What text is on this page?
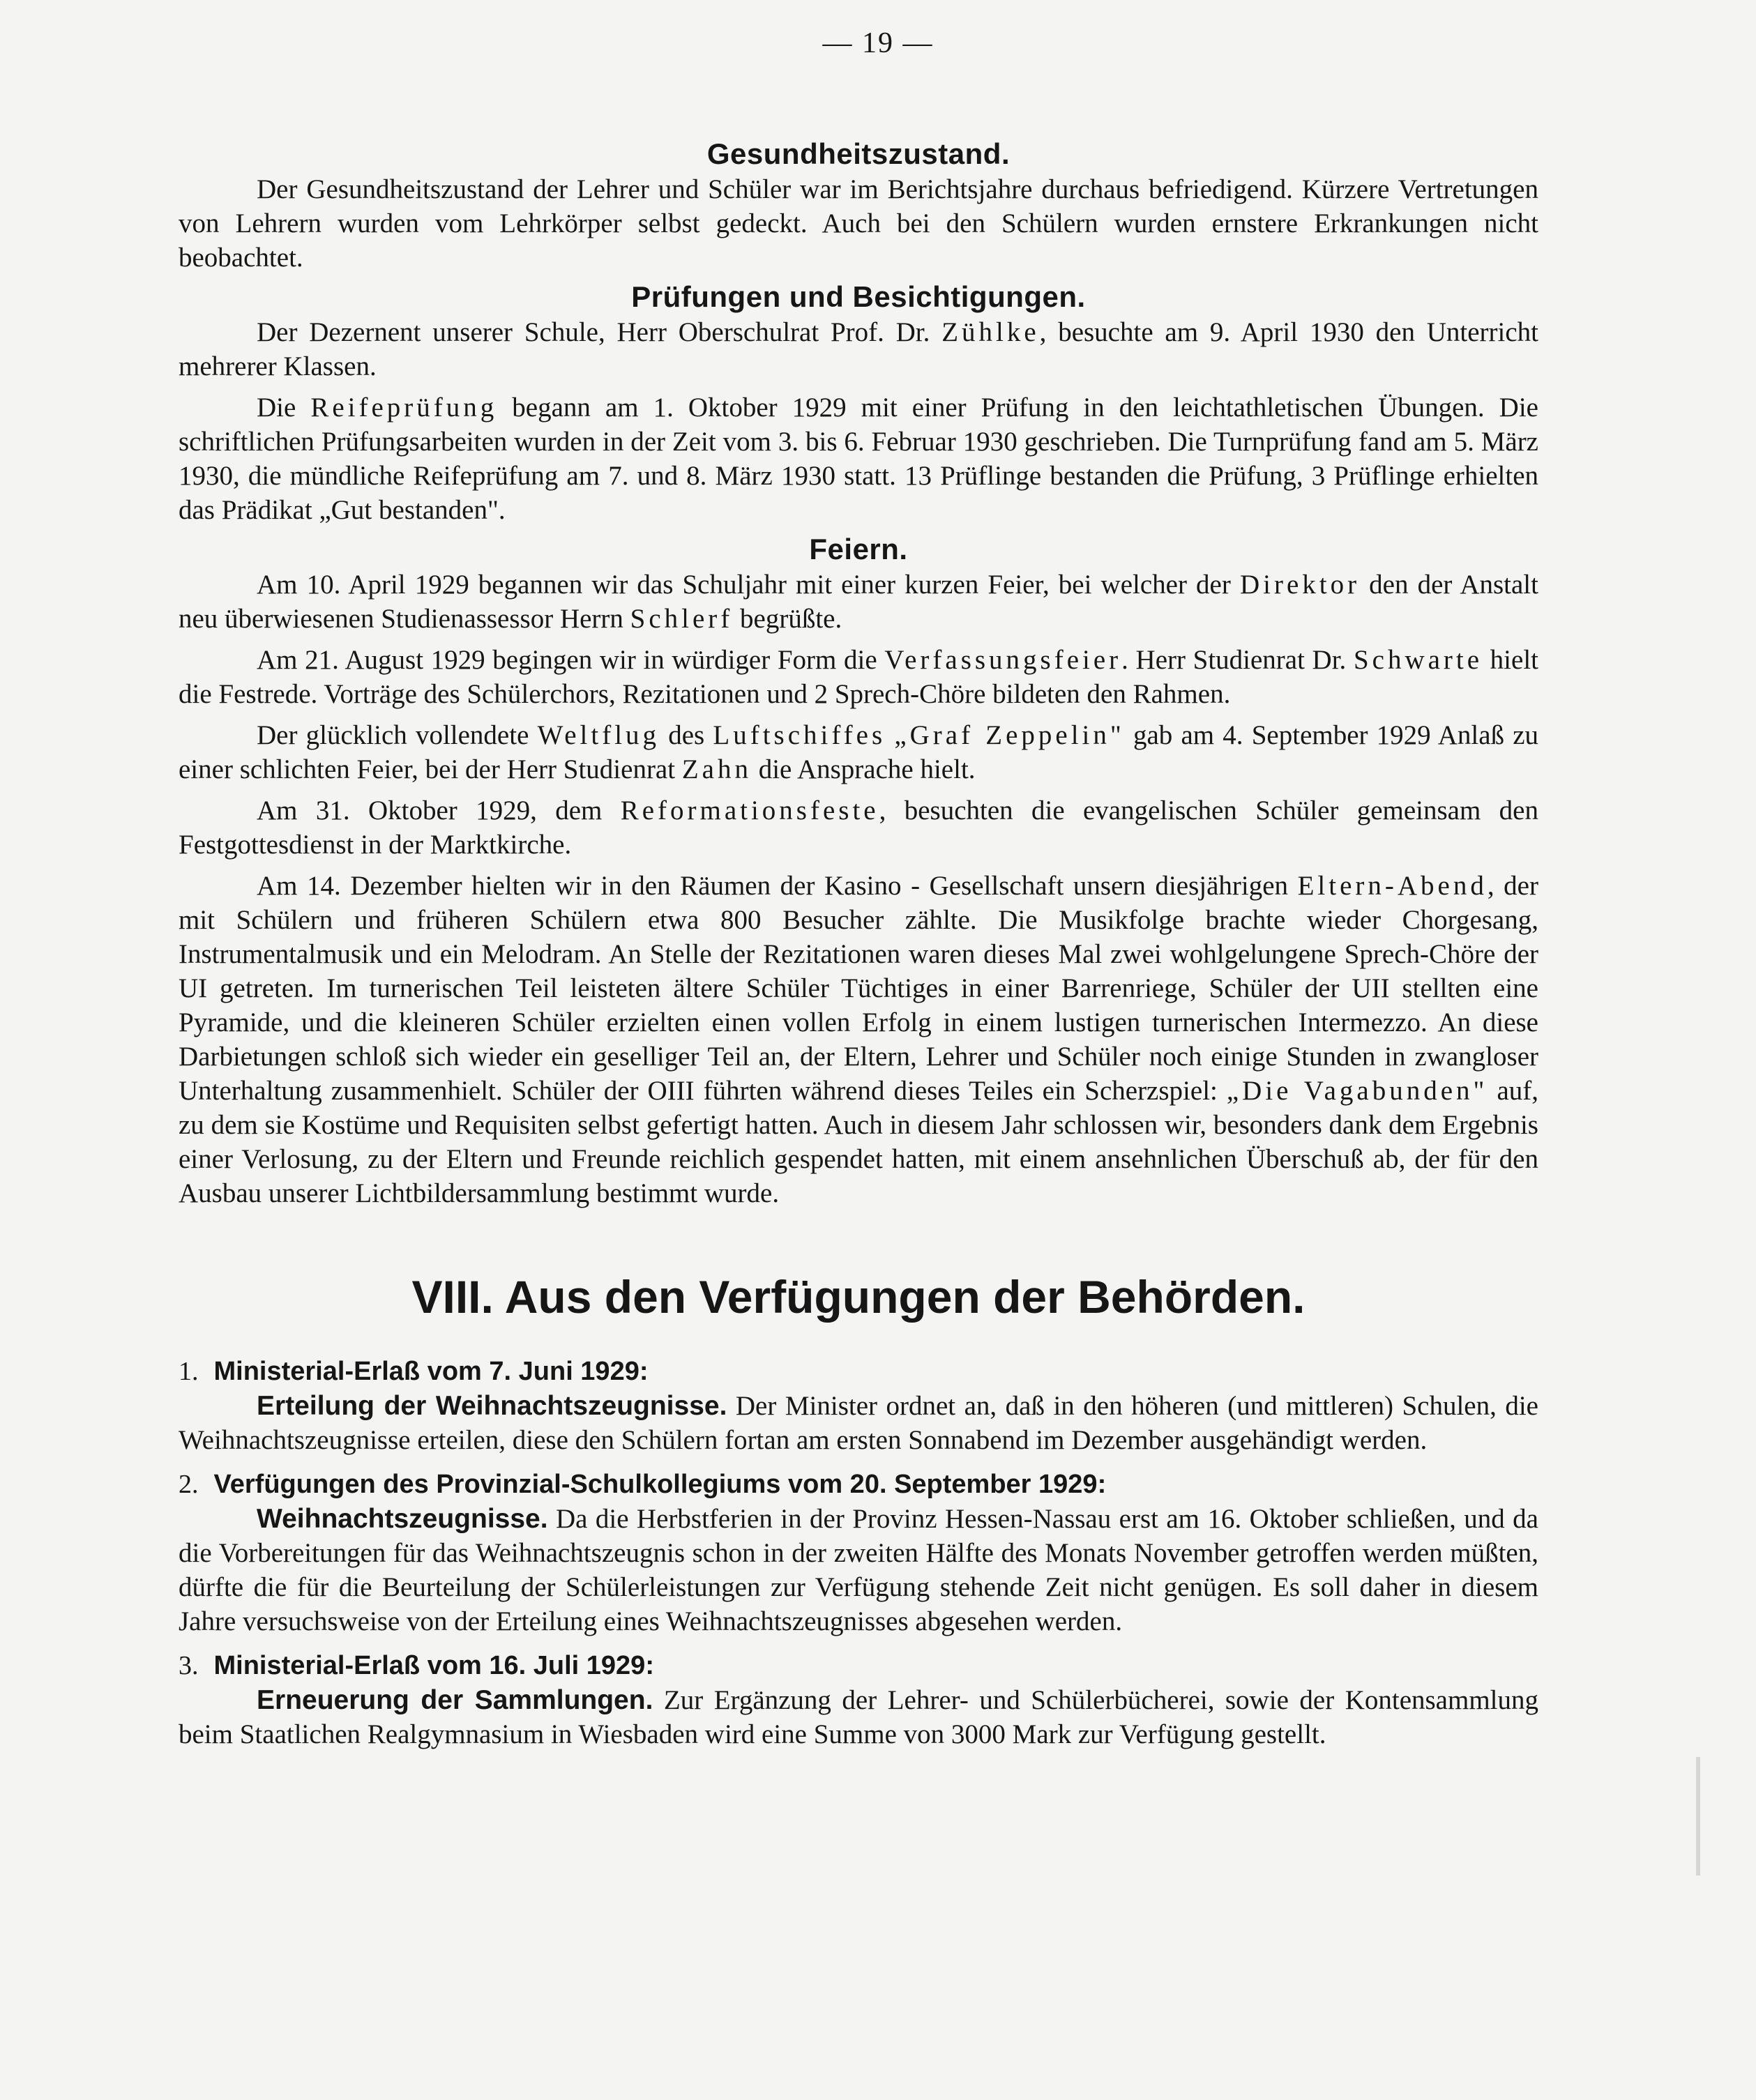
— 19 —
Gesundheitszustand.

Der Gesundheitszustand der Lehrer und Schüler war im Berichtsjahre durchaus befriedigend. Kürzere Vertretungen von Lehrern wurden vom Lehrkörper selbst gedeckt. Auch bei den Schülern wurden ernstere Erkrankungen nicht beobachtet.

Prüfungen und Besichtigungen.

Der Dezernent unserer Schule, Herr Oberschulrat Prof. Dr. Zühlke, besuchte am 9. April 1930 den Unterricht mehrerer Klassen.

Die Reifeprüfung begann am 1. Oktober 1929 mit einer Prüfung in den leichtathletischen Übungen. Die schriftlichen Prüfungsarbeiten wurden in der Zeit vom 3. bis 6. Februar 1930 geschrieben. Die Turnprüfung fand am 5. März 1930, die mündliche Reifeprüfung am 7. und 8. März 1930 statt. 13 Prüflinge bestanden die Prüfung, 3 Prüflinge erhielten das Prädikat „Gut bestanden".

Feiern.

Am 10. April 1929 begannen wir das Schuljahr mit einer kurzen Feier, bei welcher der Direktor den der Anstalt neu überwiesenen Studienassessor Herrn Schlerf begrüßte.

Am 21. August 1929 begingen wir in würdiger Form die Verfassungsfeier. Herr Studienrat Dr. Schwarte hielt die Festrede. Vorträge des Schülerchors, Rezitationen und 2 Sprech-Chöre bildeten den Rahmen.

Der glücklich vollendete Weltflug des Luftschiffes „Graf Zeppelin" gab am 4. September 1929 Anlaß zu einer schlichten Feier, bei der Herr Studienrat Zahn die Ansprache hielt.

Am 31. Oktober 1929, dem Reformationsfeste, besuchten die evangelischen Schüler gemeinsam den Festgottesdienst in der Marktkirche.

Am 14. Dezember hielten wir in den Räumen der Kasino - Gesellschaft unsern diesjährigen Eltern-Abend, der mit Schülern und früheren Schülern etwa 800 Besucher zählte. Die Musikfolge brachte wieder Chorgesang, Instrumentalmusik und ein Melodram. An Stelle der Rezitationen waren dieses Mal zwei wohlgelungene Sprech-Chöre der UI getreten. Im turnerischen Teil leisteten ältere Schüler Tüchtiges in einer Barrenriege, Schüler der UII stellten eine Pyramide, und die kleineren Schüler erzielten einen vollen Erfolg in einem lustigen turnerischen Intermezzo. An diese Darbietungen schloß sich wieder ein geselliger Teil an, der Eltern, Lehrer und Schüler noch einige Stunden in zwangloser Unterhaltung zusammenhielt. Schüler der OIII führten während dieses Teiles ein Scherzspiel: „Die Vagabunden" auf, zu dem sie Kostüme und Requisiten selbst gefertigt hatten. Auch in diesem Jahr schlossen wir, besonders dank dem Ergebnis einer Verlosung, zu der Eltern und Freunde reichlich gespendet hatten, mit einem ansehnlichen Überschuß ab, der für den Ausbau unserer Lichtbildersammlung bestimmt wurde.

VIII. Aus den Verfügungen der Behörden.
1. Ministerial-Erlaß vom 7. Juni 1929:

Erteilung der Weihnachtszeugnisse. Der Minister ordnet an, daß in den höheren (und mittleren) Schulen, die Weihnachtszeugnisse erteilen, diese den Schülern fortan am ersten Sonnabend im Dezember ausgehändigt werden.

2. Verfügungen des Provinzial-Schulkollegiums vom 20. September 1929:

Weihnachtszeugnisse. Da die Herbstferien in der Provinz Hessen-Nassau erst am 16. Oktober schließen, und da die Vorbereitungen für das Weihnachtszeugnis schon in der zweiten Hälfte des Monats November getroffen werden müßten, dürfte die für die Beurteilung der Schülerleistungen zur Verfügung stehende Zeit nicht genügen. Es soll daher in diesem Jahre versuchsweise von der Erteilung eines Weihnachtszeugnisses abgesehen werden.

3. Ministerial-Erlaß vom 16. Juli 1929:

Erneuerung der Sammlungen. Zur Ergänzung der Lehrer- und Schülerbücherei, sowie der Kontensammlung beim Staatlichen Realgymnasium in Wiesbaden wird eine Summe von 3000 Mark zur Verfügung gestellt.
